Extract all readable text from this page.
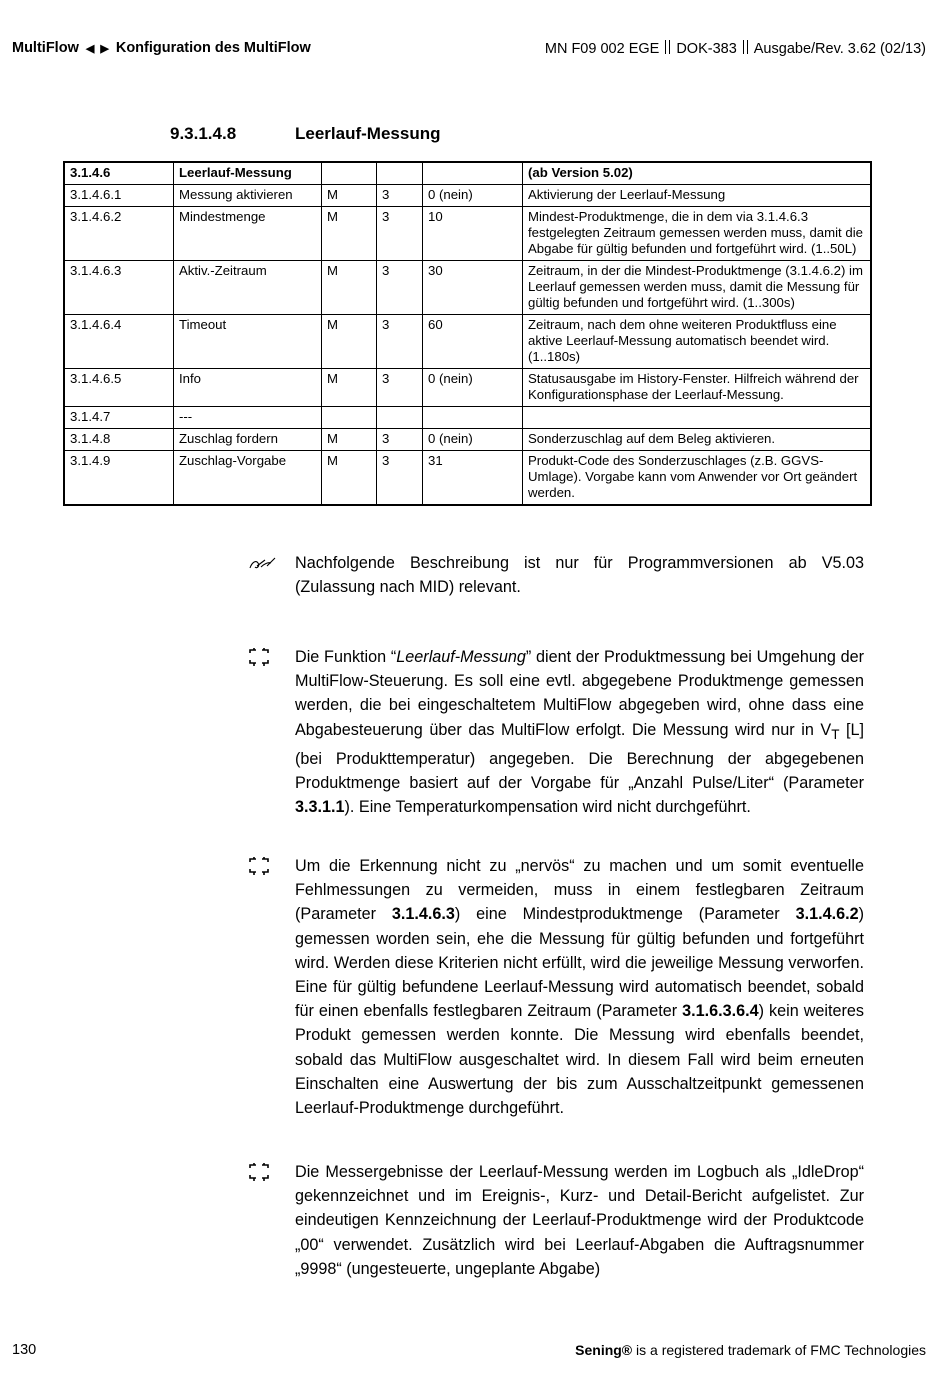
MultiFlow ◀ ▶ Konfiguration des MultiFlow	MN F09 002 EGE DOK-383 Ausgabe/Rev. 3.62 (02/13)
9.3.1.4.8	Leerlauf-Messung
3.1.4.6	Leerlauf-Messung				(ab Version 5.02)
3.1.4.6.1	Messung aktivieren	M	3	0 (nein)	Aktivierung der Leerlauf-Messung
3.1.4.6.2	Mindestmenge	M	3	10	Mindest-Produktmenge, die in dem via 3.1.4.6.3 festgelegten Zeitraum gemessen werden muss, damit die Abgabe für gültig befunden und fortgeführt wird. (1..50L)
3.1.4.6.3	Aktiv.-Zeitraum	M	3	30	Zeitraum, in der die Mindest-Produktmenge (3.1.4.6.2) im Leerlauf gemessen werden muss, damit die Messung für gültig befunden und fortgeführt wird. (1..300s)
3.1.4.6.4	Timeout	M	3	60	Zeitraum, nach dem ohne weiteren Produktfluss eine aktive Leerlauf-Messung automatisch beendet wird. (1..180s)
3.1.4.6.5	Info	M	3	0 (nein)	Statusausgabe im History-Fenster. Hilfreich während der Konfigurationsphase der Leerlauf-Messung.
3.1.4.7	---				
3.1.4.8	Zuschlag fordern	M	3	0 (nein)	Sonderzuschlag auf dem Beleg aktivieren.
3.1.4.9	Zuschlag-Vorgabe	M	3	31	Produkt-Code des Sonderzuschlages (z.B. GGVS-Umlage). Vorgabe kann vom Anwender vor Ort geändert werden.
Nachfolgende Beschreibung ist nur für Programmversionen ab V5.03 (Zulassung nach MID) relevant.
Die Funktion “Leerlauf-Messung” dient der Produktmessung bei Umgehung der MultiFlow-Steuerung. Es soll eine evtl. abgegebene Produktmenge gemessen werden, die bei eingeschaltetem MultiFlow abgegeben wird, ohne dass eine Abgabesteuerung über das MultiFlow erfolgt. Die Messung wird nur in $V_T$ [L] (bei Produkttemperatur) angegeben. Die Berechnung der abgegebenen Produktmenge basiert auf der Vorgabe für „Anzahl Pulse/Liter“ (Parameter 3.3.1.1). Eine Temperaturkompensation wird nicht durchgeführt.
Um die Erkennung nicht zu „nervös“ zu machen und um somit eventuelle Fehlmessungen zu vermeiden, muss in einem festlegbaren Zeitraum (Parameter 3.1.4.6.3) eine Mindestproduktmenge (Parameter 3.1.4.6.2) gemessen worden sein, ehe die Messung für gültig befunden und fortgeführt wird. Werden diese Kriterien nicht erfüllt, wird die jeweilige Messung verworfen. Eine für gültig befundene Leerlauf-Messung wird automatisch beendet, sobald für einen ebenfalls festlegbaren Zeitraum (Parameter 3.1.6.3.6.4) kein weiteres Produkt gemessen werden konnte. Die Messung wird ebenfalls beendet, sobald das MultiFlow ausgeschaltet wird. In diesem Fall wird beim erneuten Einschalten eine Auswertung der bis zum Ausschaltzeitpunkt gemessenen Leerlauf-Produktmenge durchgeführt.
Die Messergebnisse der Leerlauf-Messung werden im Logbuch als „IdleDrop“ gekennzeichnet und im Ereignis-, Kurz- und Detail-Bericht aufgelistet. Zur eindeutigen Kennzeichnung der Leerlauf-Produktmenge wird der Produktcode „00“ verwendet. Zusätzlich wird bei Leerlauf-Abgaben die Auftragsnummer „9998“ (ungesteuerte, ungeplante Abgabe)
130	Sening® is a registered trademark of FMC Technologies
